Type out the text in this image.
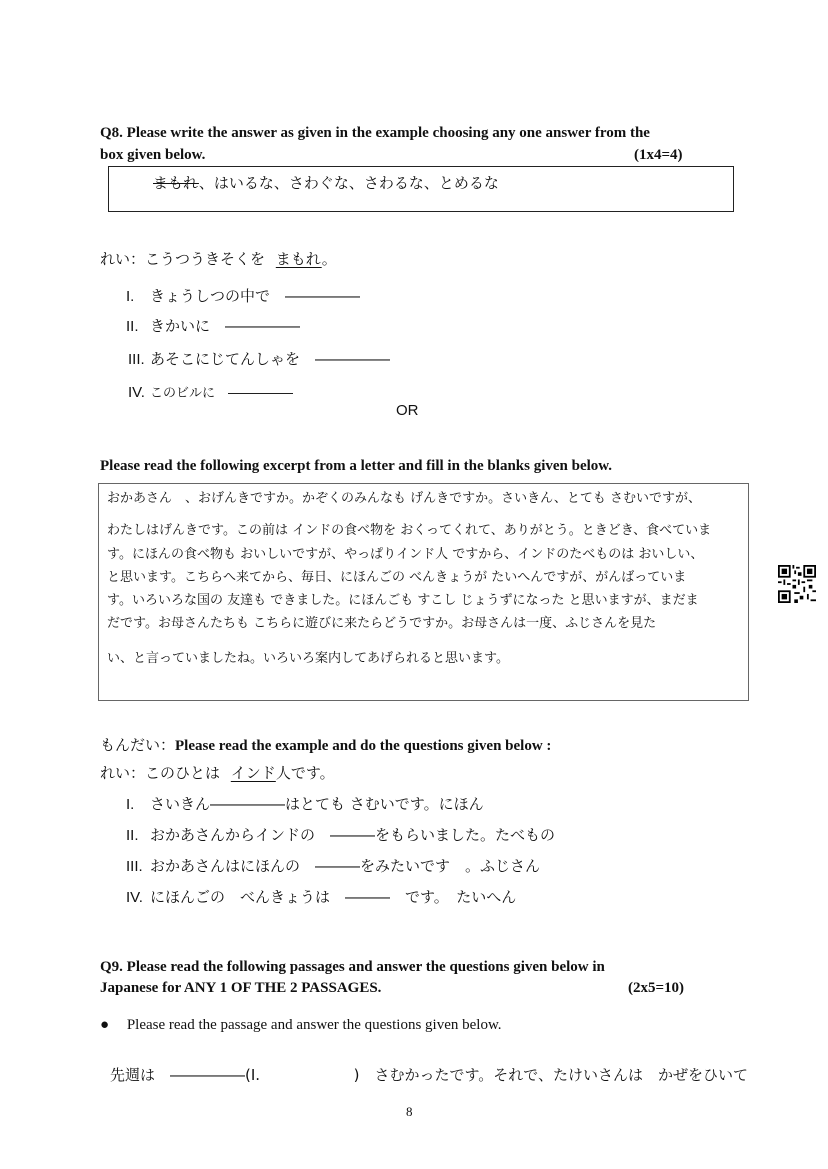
Q8. Please write the answer as given in the example choosing any one answer from the
box given below.	(1x4=4)
まもれ、はいるな、さわぐな、さわるな、とめるな
れい：こうつうきそくを まもれ。
I. きょうしつの中で　―――――
II. きかいに　―――――
III. あそこにじてんしゃを　―――――
IV. このビルに　―――――
OR
Please read the following excerpt from a letter and fill in the blanks given below.

おかあさん　、おげんきですか。かぞくのみんなも げんきですか。さいきん、とても さむいですが、

わたしはげんきです。この前は インドの食べ物を おくってくれて、ありがとう。ときどき、食べていま

す。にほんの食べ物も おいしいですが、やっぱりインド人 ですから、インドのたべものは おいしい、

と思います。こちらへ来てから、毎日、にほんごの べんきょうが たいへんですが、がんばっていま

す。いろいろな国の 友達も できました。にほんごも すこし じょうずになった と思いますが、まだま

だです。お母さんたちも こちらに遊びに来たらどうですか。お母さんは一度、ふじさんを見た

い、と言っていましたね。いろいろ案内してあげられると思います。

もんだい：Please read the example and do the questions given below :
れい：このひとは インド人です。
I. さいきん―――――はとても さむいです。にほん
II. おかあさんからインドの　―――をもらいました。たべもの
III. おかあさんはにほんの　―――をみたいです　。ふじさん
IV. にほんごの　べんきょうは　―――　です。　たいへん
Q9. Please read the following passages and answer the questions given below in
Japanese for ANY 1 OF THE 2 PASSAGES.	(2x5=10)
● Please read the passage and answer the questions given below.
先週は　―――――(I.	)　さむかったです。それで、たけいさんは　かぜをひいて
8
